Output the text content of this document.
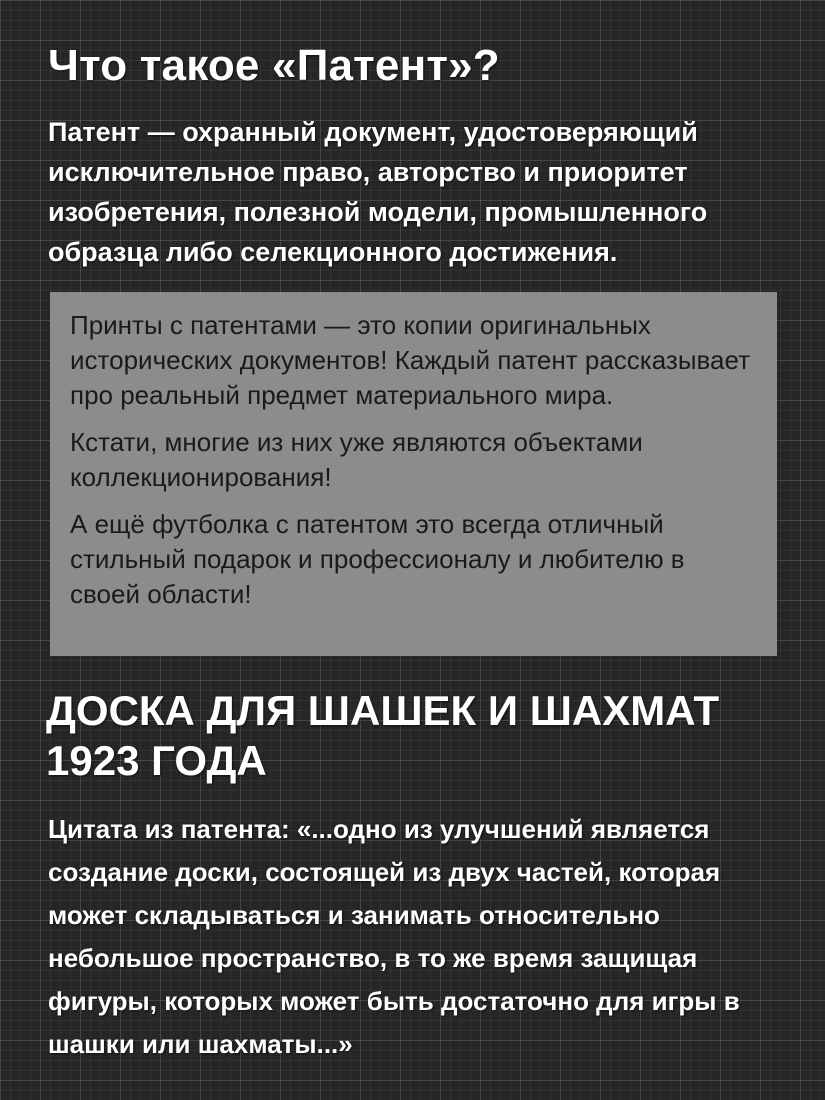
Что такое «Патент»?

Патент — охранный документ, удостоверяющий исключительное право, авторство и приоритет изобретения, полезной модели, промышленного образца либо селекционного достижения.

Принты с патентами — это копии оригинальных исторических документов! Каждый патент рассказывает про реальный предмет материального мира.

Кстати, многие из них уже являются объектами коллекционирования!

А ещё футболка с патентом это всегда отличный стильный подарок и профессионалу и любителю в своей области!

ДОСКА ДЛЯ ШАШЕК И ШАХМАТ 1923 ГОДА

Цитата из патента: «...одно из улучшений является создание доски, состоящей из двух частей, которая может складываться и занимать относительно небольшое пространство, в то же время защищая фигуры, которых может быть достаточно для игры в шашки или шахматы...»
